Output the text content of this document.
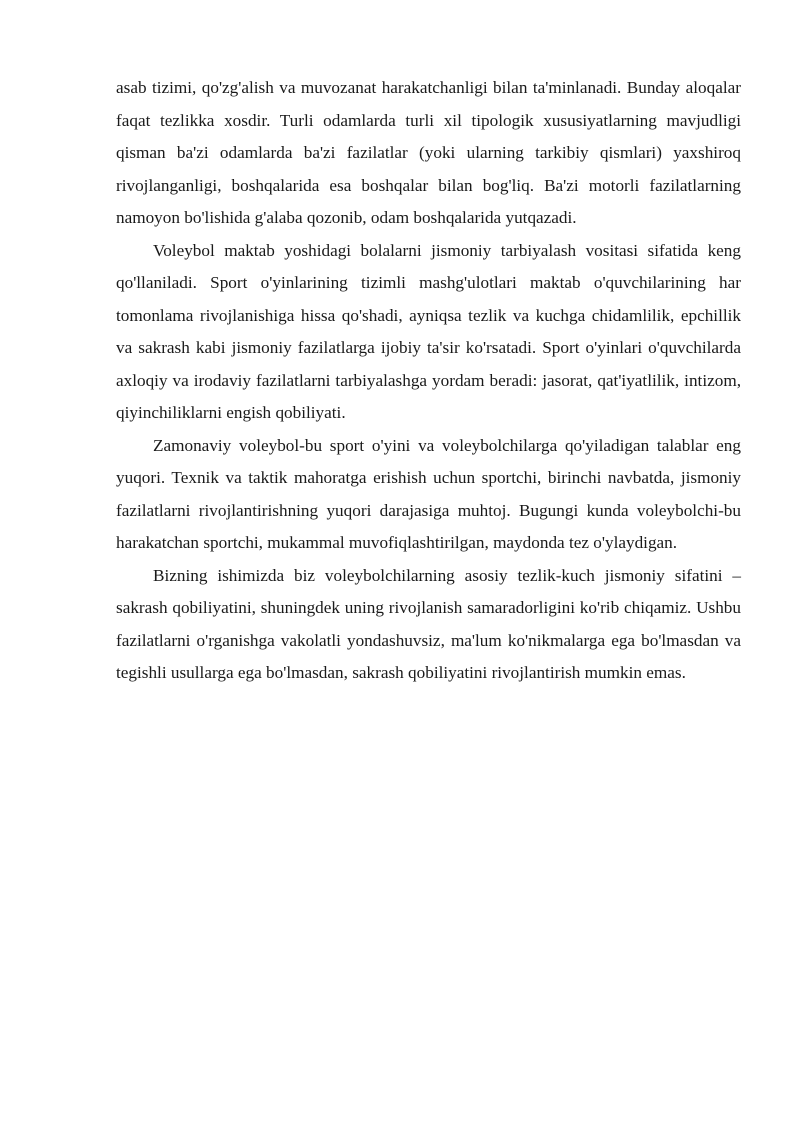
asab tizimi, qo'zg'alish va muvozanat harakatchanligi bilan ta'minlanadi. Bunday aloqalar faqat tezlikka xosdir. Turli odamlarda turli xil tipologik xususiyatlarning mavjudligi qisman ba'zi odamlarda ba'zi fazilatlar (yoki ularning tarkibiy qismlari) yaxshiroq rivojlanganligi, boshqalarida esa boshqalar bilan bog'liq. Ba'zi motorli fazilatlarning namoyon bo'lishida g'alaba qozonib, odam boshqalarida yutqazadi.

Voleybol maktab yoshidagi bolalarni jismoniy tarbiyalash vositasi sifatida keng qo'llaniladi. Sport o'yinlarining tizimli mashg'ulotlari maktab o'quvchilarining har tomonlama rivojlanishiga hissa qo'shadi, ayniqsa tezlik va kuchga chidamlilik, epchillik va sakrash kabi jismoniy fazilatlarga ijobiy ta'sir ko'rsatadi. Sport o'yinlari o'quvchilarda axloqiy va irodaviy fazilatlarni tarbiyalashga yordam beradi: jasorat, qat'iyatlilik, intizom, qiyinchiliklarni engish qobiliyati.

Zamonaviy voleybol-bu sport o'yini va voleybolchilarga qo'yiladigan talablar eng yuqori. Texnik va taktik mahoratga erishish uchun sportchi, birinchi navbatda, jismoniy fazilatlarni rivojlantirishning yuqori darajasiga muhtoj. Bugungi kunda voleybolchi-bu harakatchan sportchi, mukammal muvofiqlashtirilgan, maydonda tez o'ylaydigan.

Bizning ishimizda biz voleybolchilarning asosiy tezlik-kuch jismoniy sifatini – sakrash qobiliyatini, shuningdek uning rivojlanish samaradorligini ko'rib chiqamiz. Ushbu fazilatlarni o'rganishga vakolatli yondashuvsiz, ma'lum ko'nikmalarga ega bo'lmasdan va tegishli usullarga ega bo'lmasdan, sakrash qobiliyatini rivojlantirish mumkin emas.
